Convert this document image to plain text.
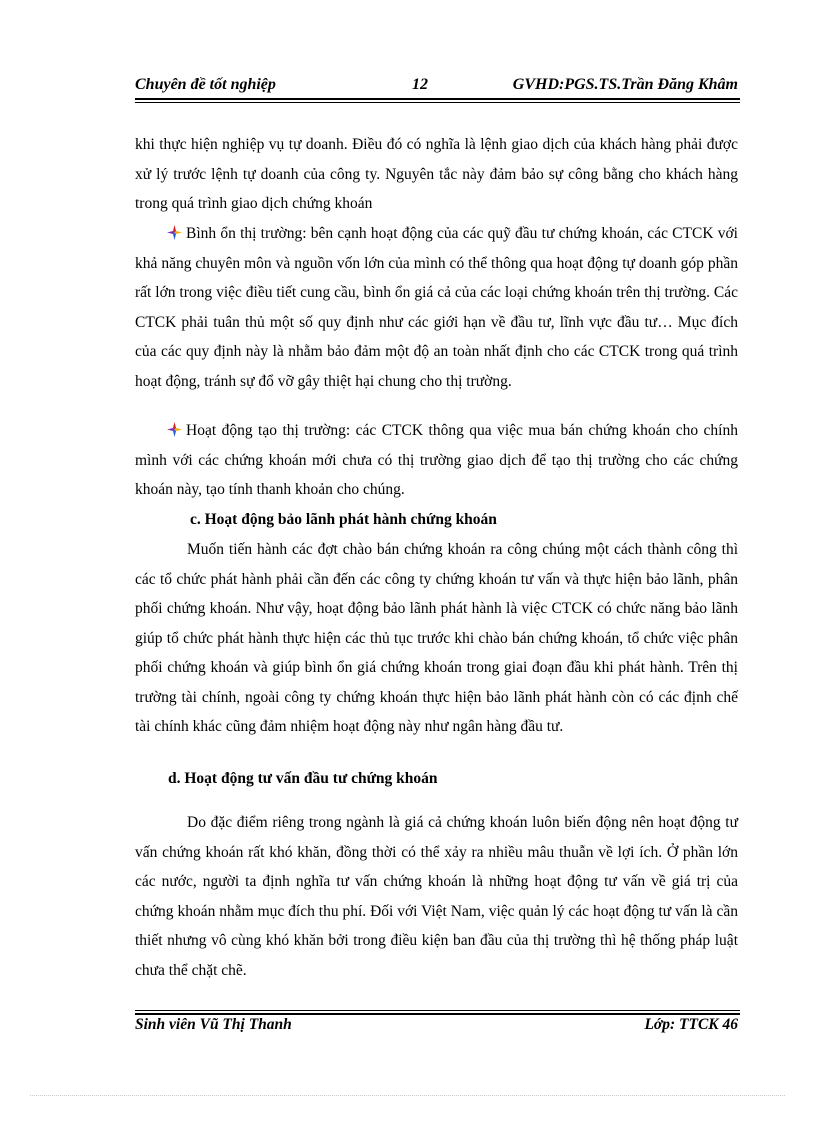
Chuyên đề tốt nghiệp	12	GVHD:PGS.TS.Trần Đăng Khâm

khi thực hiện nghiệp vụ tự doanh. Điều đó có nghĩa là lệnh giao dịch của khách hàng phải được xử lý trước lệnh tự doanh của công ty. Nguyên tắc này đảm bảo sự công bằng cho khách hàng trong quá trình giao dịch chứng khoán

Bình ổn thị trường: bên cạnh hoạt động của các quỹ đầu tư chứng khoán, các CTCK với khả năng chuyên môn và nguồn vốn lớn của mình có thể thông qua hoạt động tự doanh góp phần rất lớn trong việc điều tiết cung cầu, bình ổn giá cả của các loại chứng khoán trên thị trường. Các CTCK phải tuân thủ một số quy định như các giới hạn về đầu tư, lĩnh vực đầu tư… Mục đích của các quy định này là nhằm bảo đảm một độ an toàn nhất định cho các CTCK trong quá trình hoạt động, tránh sự đổ vỡ gây thiệt hại chung cho thị trường.

Hoạt động tạo thị trường: các CTCK thông qua việc mua bán chứng khoán cho chính mình với các chứng khoán mới chưa có thị trường giao dịch để tạo thị trường cho các chứng khoán này, tạo tính thanh khoản cho chúng.

c. Hoạt động bảo lãnh phát hành chứng khoán

Muốn tiến hành các đợt chào bán chứng khoán ra công chúng một cách thành công thì các tổ chức phát hành phải cần đến các công ty chứng khoán tư vấn và thực hiện bảo lãnh, phân phối chứng khoán. Như vậy, hoạt động bảo lãnh phát hành là việc CTCK có chức năng bảo lãnh giúp tổ chức phát hành thực hiện các thủ tục trước khi chào bán chứng khoán, tổ chức việc phân phối chứng khoán và giúp bình ổn giá chứng khoán trong giai đoạn đầu khi phát hành. Trên thị trường tài chính, ngoài công ty chứng khoán thực hiện bảo lãnh phát hành còn có các định chế tài chính khác cũng đảm nhiệm hoạt động này như ngân hàng đầu tư.

d. Hoạt động tư vấn đầu tư chứng khoán

Do đặc điểm riêng trong ngành là giá cả chứng khoán luôn biến động nên hoạt động tư vấn chứng khoán rất khó khăn, đồng thời có thể xảy ra nhiều mâu thuẫn về lợi ích. Ở phần lớn các nước, người ta định nghĩa tư vấn chứng khoán là những hoạt động tư vấn về giá trị của chứng khoán nhằm mục đích thu phí. Đối với Việt Nam, việc quản lý các hoạt động tư vấn là cần thiết nhưng vô cùng khó khăn bởi trong điều kiện ban đầu của thị trường thì hệ thống pháp luật chưa thể chặt chẽ.

Sinh viên Vũ Thị Thanh	Lớp: TTCK 46
